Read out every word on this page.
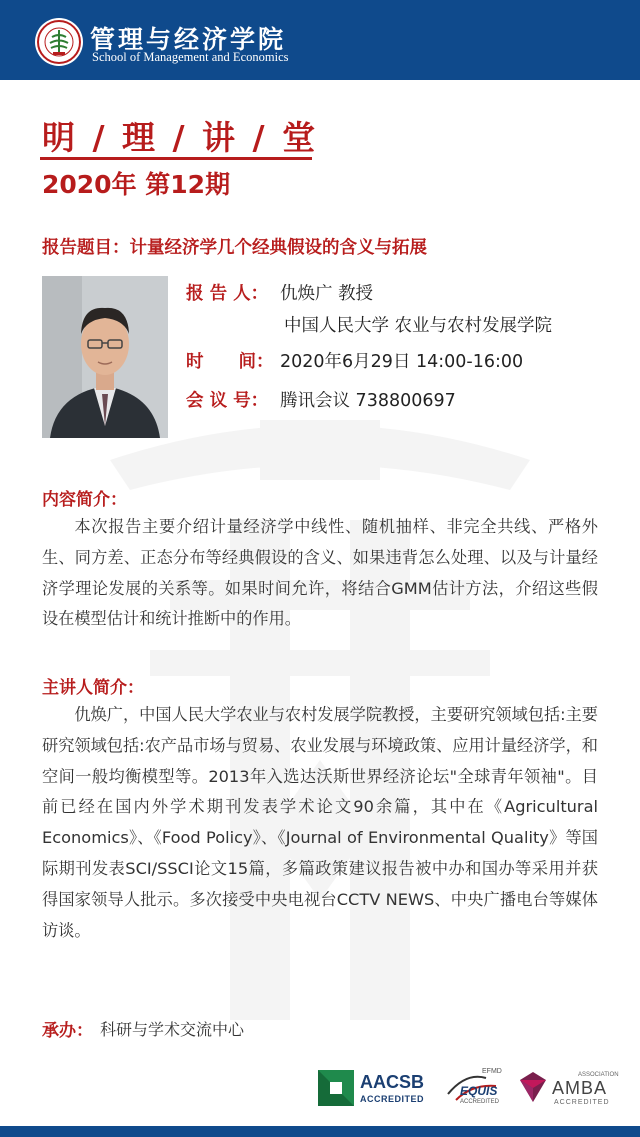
管理与经济学院
School of Management and Economics
明 / 理 / 讲 / 堂
2020年 第12期
报告题目：计量经济学几个经典假设的含义与拓展
报 告 人： 仇焕广 教授
中国人民大学 农业与农村发展学院
时　　间： 2020年6月29日 14:00-16:00
会 议 号： 腾讯会议 738800697
内容简介：

本次报告主要介绍计量经济学中线性、随机抽样、非完全共线、严格外生、同方差、正态分布等经典假设的含义、如果违背怎么处理、以及与计量经济学理论发展的关系等。如果时间允许，将结合GMM估计方法，介绍这些假设在模型估计和统计推断中的作用。

主讲人简介：

仇焕广，中国人民大学农业与农村发展学院教授，主要研究领域包括:主要研究领域包括:农产品市场与贸易、农业发展与环境政策、应用计量经济学，和空间一般均衡模型等。2013年入选达沃斯世界经济论坛"全球青年领袖"。目前已经在国内外学术期刊发表学术论文90余篇，其中在《Agricultural Economics》、《Food Policy》、《Journal of Environmental Quality》等国际期刊发表SCI/SSCI论文15篇，多篇政策建议报告被中办和国办等采用并获得国家领导人批示。多次接受中央电视台CCTV NEWS、中央广播电台等媒体访谈。

承办： 科研与学术交流中心
AACSB
ACCREDITED
EFMD
EQUIS
ACCREDITED
ASSOCIATION
AMBA
ACCREDITED
